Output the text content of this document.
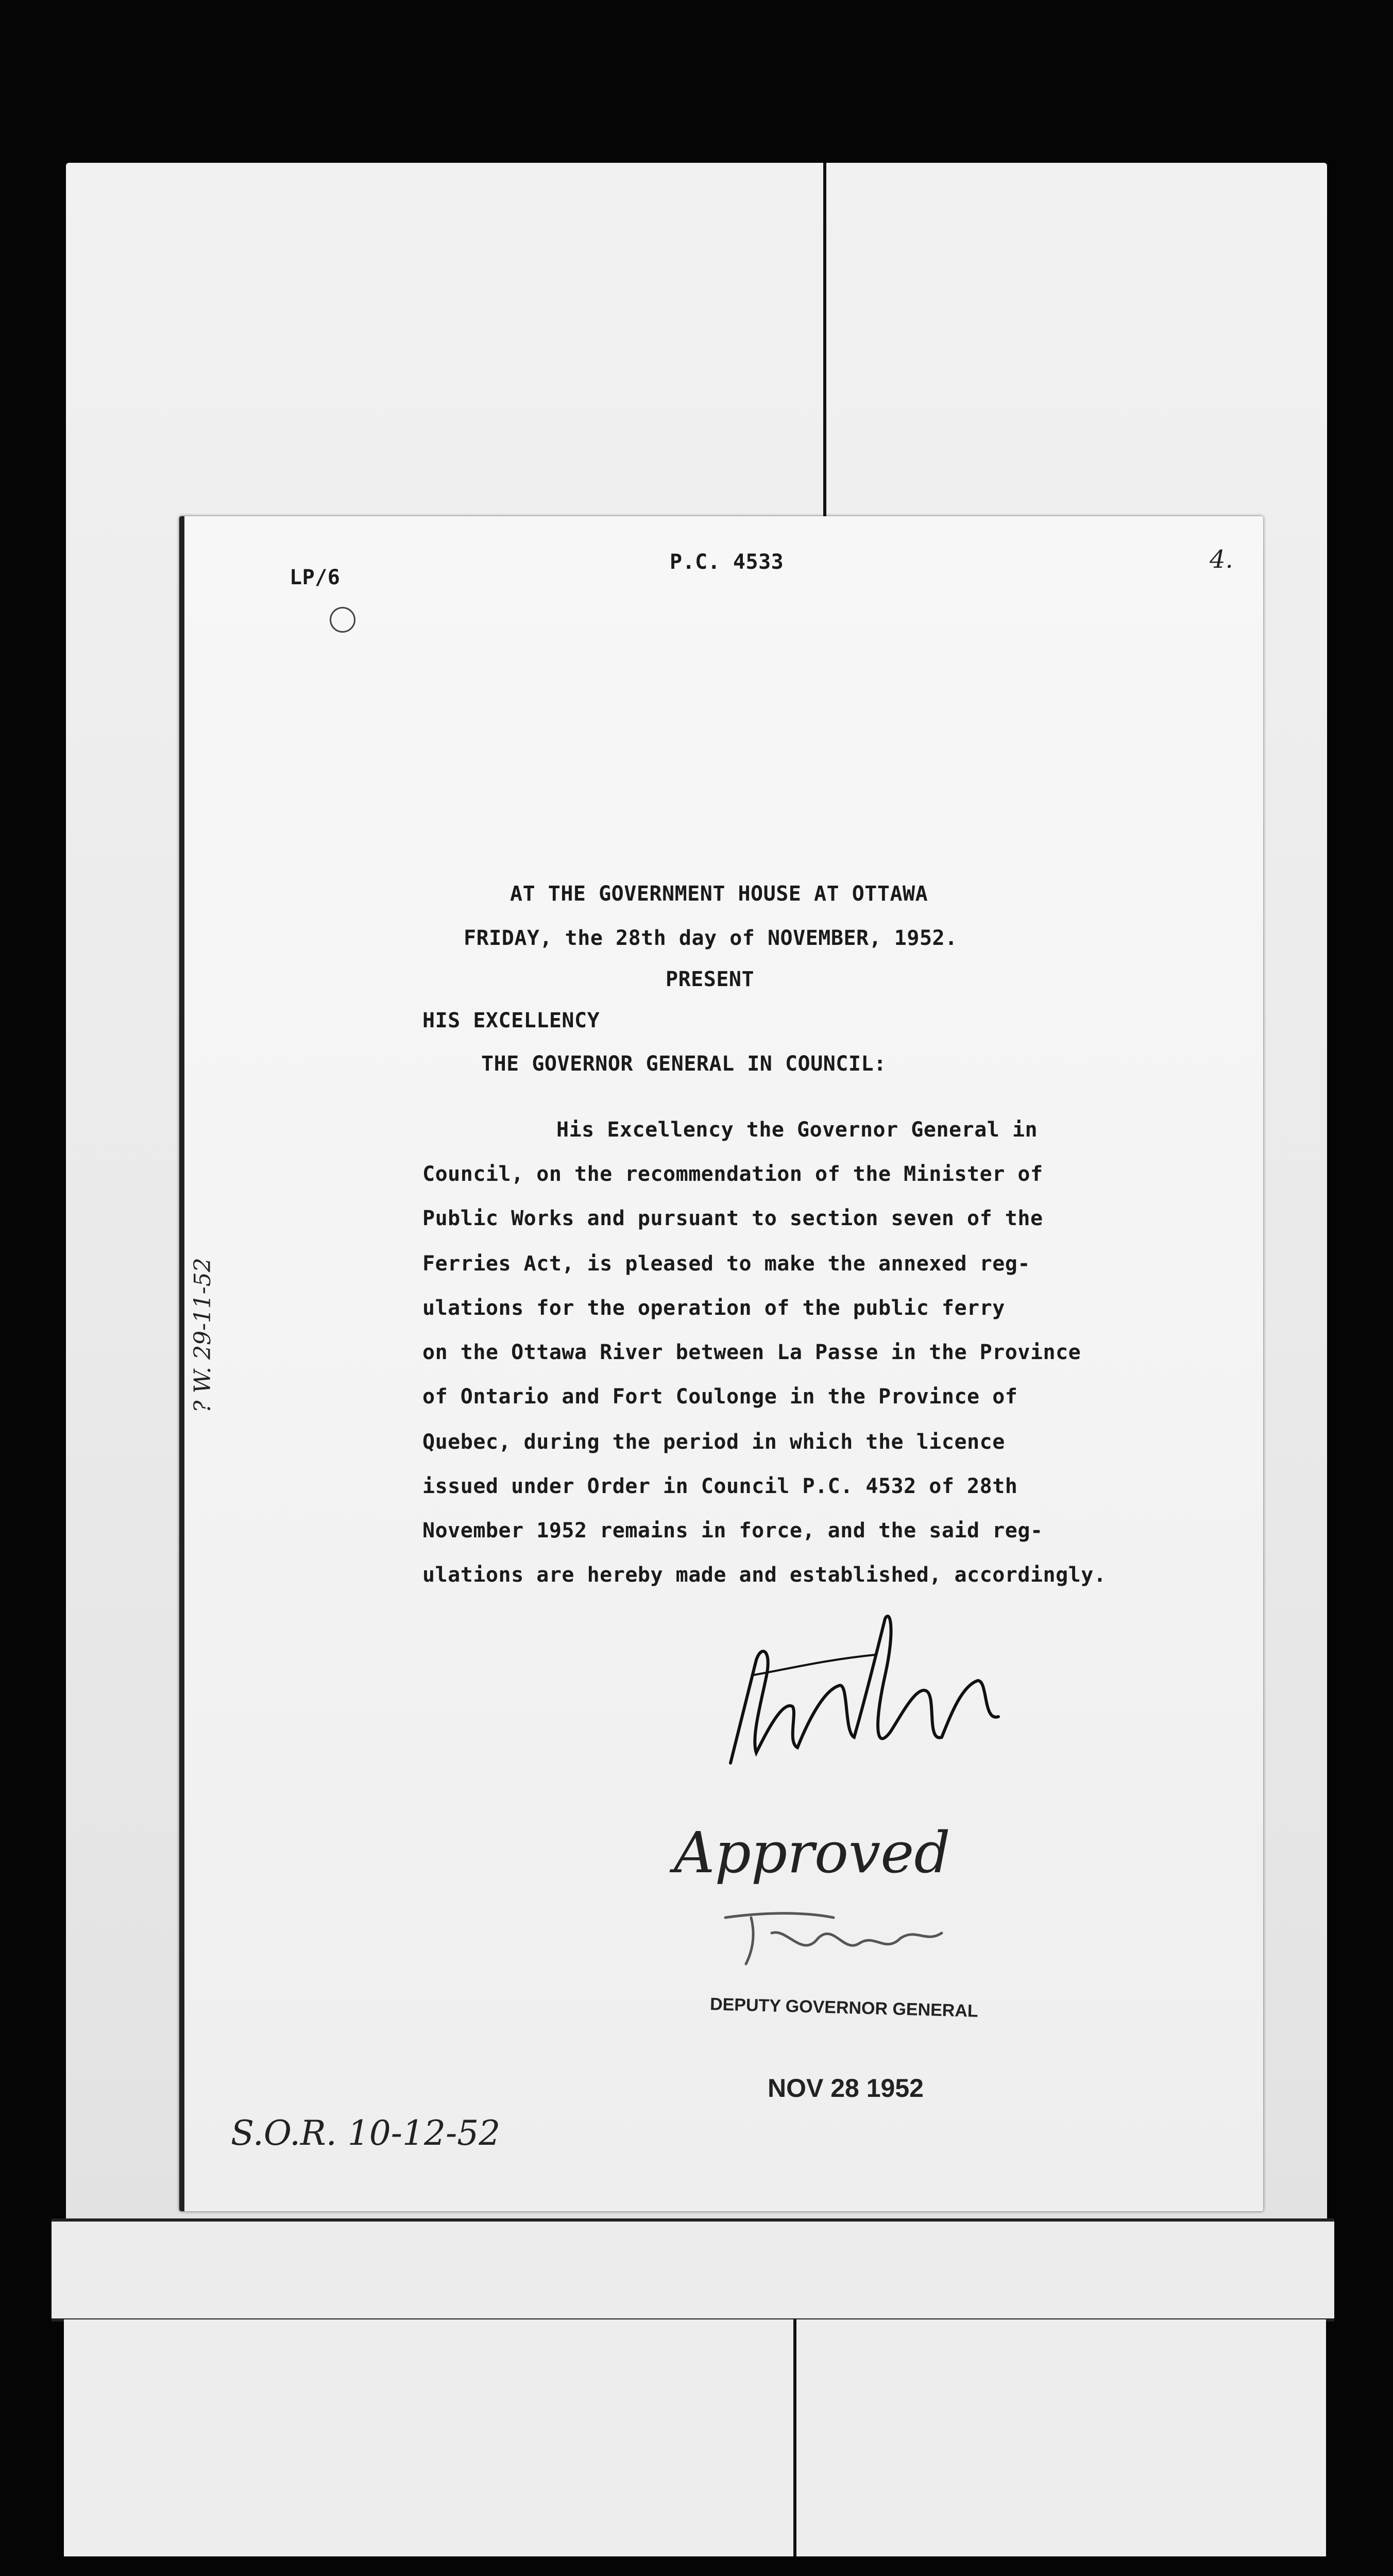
LP/6
P.C. 4533	4.
AT THE GOVERNMENT HOUSE AT OTTAWA
FRIDAY, the 28th day of NOVEMBER, 1952.
PRESENT
HIS EXCELLENCY
THE GOVERNOR GENERAL IN COUNCIL:
His Excellency the Governor General in
Council, on the recommendation of the Minister of
Public Works and pursuant to section seven of the
Ferries Act, is pleased to make the annexed reg-
ulations for the operation of the public ferry
on the Ottawa River between La Passe in the Province
of Ontario and Fort Coulonge in the Province of
Quebec, during the period in which the licence
issued under Order in Council P.C. 4532 of 28th
November 1952 remains in force, and the said reg-
ulations are hereby made and established, accordingly.
? W. 29-11-52
Approved
DEPUTY GOVERNOR GENERAL
NOV 28 1952
S.O.R. 10-12-52
